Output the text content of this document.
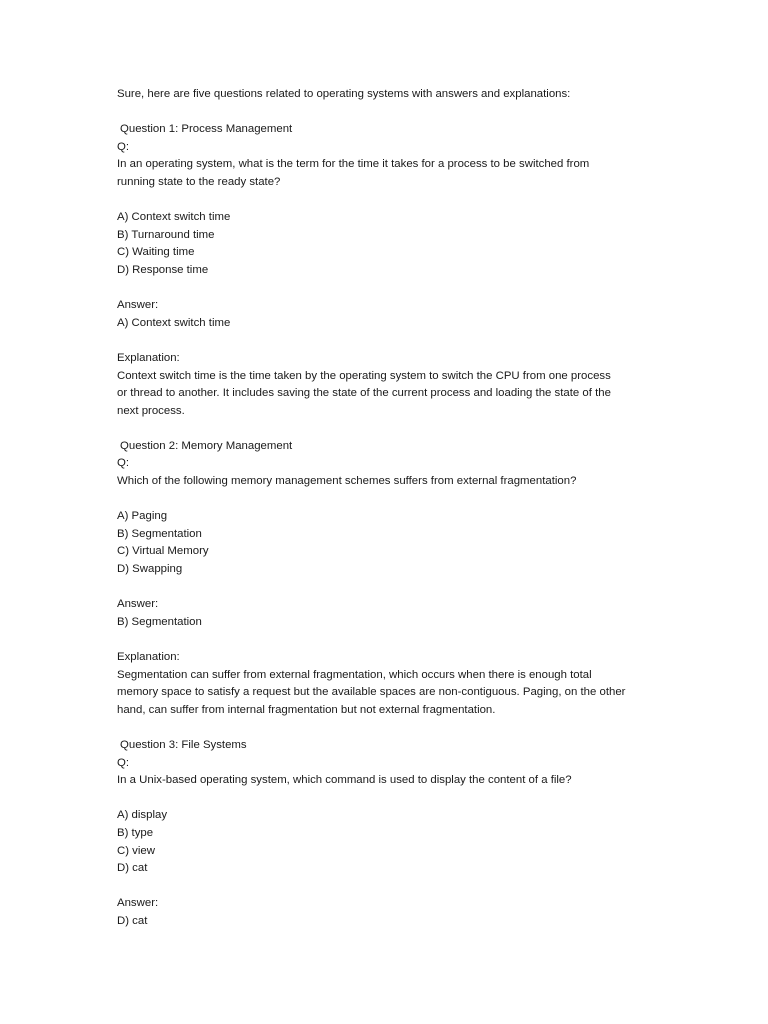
Sure, here are five questions related to operating systems with answers and explanations:
Question 1: Process Management
Q:
In an operating system, what is the term for the time it takes for a process to be switched from
running state to the ready state?
A) Context switch time
B) Turnaround time
C) Waiting time
D) Response time
Answer:
A) Context switch time
Explanation:
Context switch time is the time taken by the operating system to switch the CPU from one process
or thread to another. It includes saving the state of the current process and loading the state of the
next process.
Question 2: Memory Management
Q:
Which of the following memory management schemes suffers from external fragmentation?
A) Paging
B) Segmentation
C) Virtual Memory
D) Swapping
Answer:
B) Segmentation
Explanation:
Segmentation can suffer from external fragmentation, which occurs when there is enough total
memory space to satisfy a request but the available spaces are non-contiguous. Paging, on the other
hand, can suffer from internal fragmentation but not external fragmentation.
Question 3: File Systems
Q:
In a Unix-based operating system, which command is used to display the content of a file?
A) display
B) type
C) view
D) cat
Answer:
D) cat
